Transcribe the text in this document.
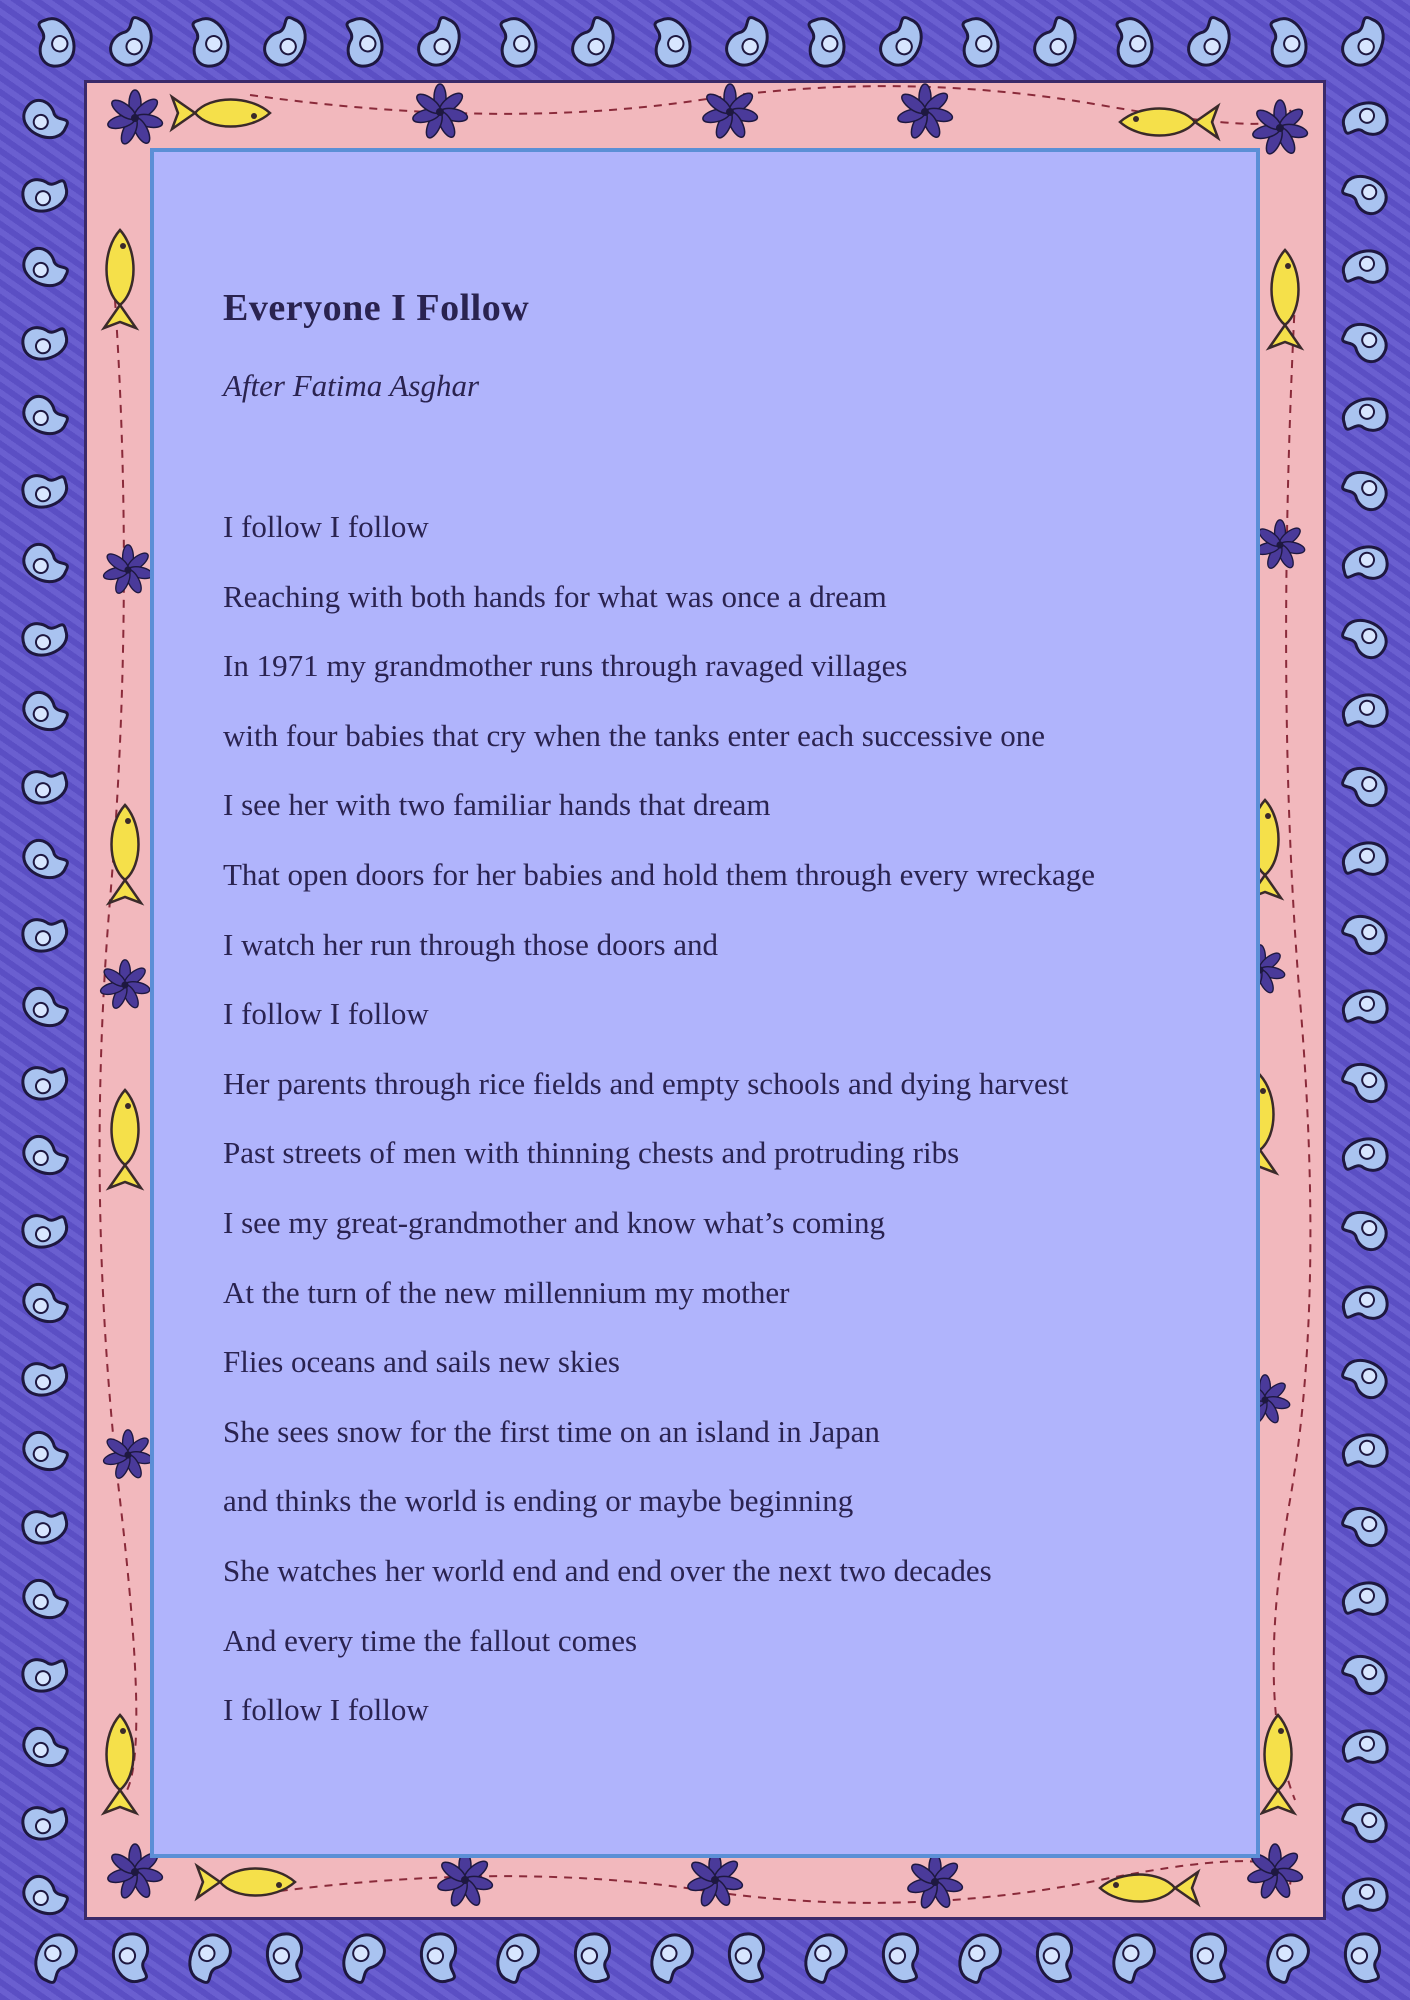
Everyone I Follow
After Fatima Asghar
I follow I follow
Reaching with both hands for what was once a dream
In 1971 my grandmother runs through ravaged villages
with four babies that cry when the tanks enter each successive one
I see her with two familiar hands that dream
That open doors for her babies and hold them through every wreckage
I watch her run through those doors and
I follow I follow
Her parents through rice fields and empty schools and dying harvest
Past streets of men with thinning chests and protruding ribs
I see my great-grandmother and know what’s coming
At the turn of the new millennium my mother
Flies oceans and sails new skies
She sees snow for the first time on an island in Japan
and thinks the world is ending or maybe beginning
She watches her world end and end over the next two decades
And every time the fallout comes
I follow I follow
